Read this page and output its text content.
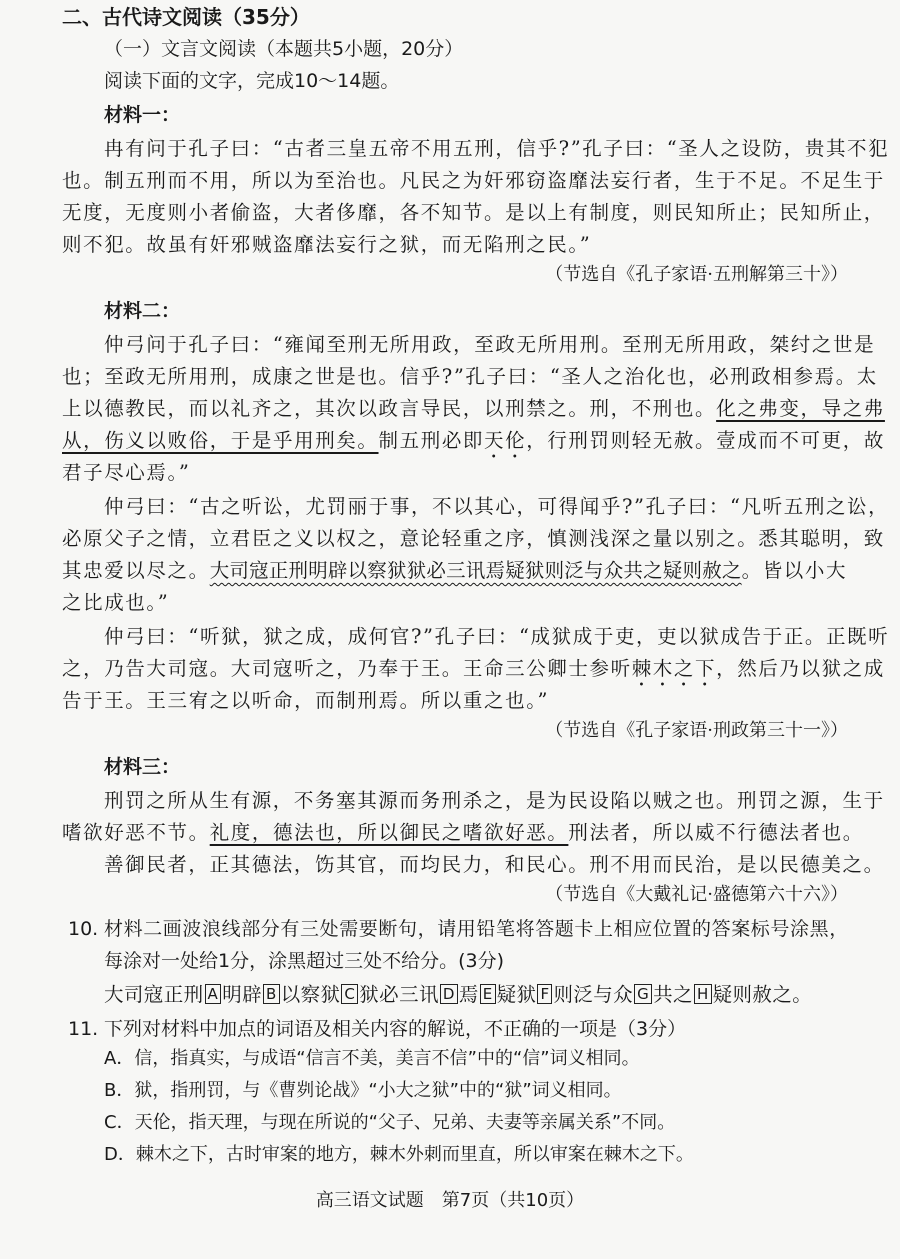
二、古代诗文阅读（35分）
（一）文言文阅读（本题共5小题，20分）
阅读下面的文字，完成10～14题。
材料一：
冉有问于孔子曰：“古者三皇五帝不用五刑，信乎?”孔子曰：“圣人之设防，贵其不犯
也。制五刑而不用，所以为至治也。凡民之为奸邪窃盗靡法妄行者，生于不足。不足生于
无度，无度则小者偷盗，大者侈靡，各不知节。是以上有制度，则民知所止；民知所止，
则不犯。故虽有奸邪贼盗靡法妄行之狱，而无陷刑之民。”
（节选自《孔子家语·五刑解第三十》）
材料二：
仲弓问于孔子曰：“雍闻至刑无所用政，至政无所用刑。至刑无所用政，桀纣之世是
也；至政无所用刑，成康之世是也。信乎?”孔子曰：“圣人之治化也，必刑政相参焉。太
上以德教民，而以礼齐之，其次以政言导民，以刑禁之。刑，不刑也。化之弗变，导之弗
从，伤义以败俗，于是乎用刑矣。制五刑必即天伦，行刑罚则轻无赦。壹成而不可更，故
君子尽心焉。”
仲弓曰：“古之听讼，尤罚丽于事，不以其心，可得闻乎?”孔子曰：“凡听五刑之讼，
必原父子之情，立君臣之义以权之，意论轻重之序，慎测浅深之量以别之。悉其聪明，致
其忠爱以尽之。大司寇正刑明辟以察狱狱必三讯焉疑狱则泛与众共之疑则赦之。皆以小大
之比成也。”
仲弓曰：“听狱，狱之成，成何官?”孔子曰：“成狱成于吏，吏以狱成告于正。正既听
之，乃告大司寇。大司寇听之，乃奉于王。王命三公卿士参听棘木之下，然后乃以狱之成
告于王。王三宥之以听命，而制刑焉。所以重之也。”
（节选自《孔子家语·刑政第三十一》）
材料三：
刑罚之所从生有源，不务塞其源而务刑杀之，是为民设陷以贼之也。刑罚之源，生于
嗜欲好恶不节。礼度，德法也，所以御民之嗜欲好恶。刑法者，所以威不行德法者也。
善御民者，正其德法，饬其官，而均民力，和民心。刑不用而民治，是以民德美之。
（节选自《大戴礼记·盛德第六十六》）
10. 材料二画波浪线部分有三处需要断句，请用铅笔将答题卡上相应位置的答案标号涂黑，
每涂对一处给1分，涂黑超过三处不给分。(3分)
大司寇正刑 A 明辟 B 以察狱 C 狱必三讯 D 焉 E 疑狱 F 则泛与众 G 共之 H 疑则赦之。
11. 下列对材料中加点的词语及相关内容的解说，不正确的一项是（3分）
A．信，指真实，与成语“信言不美，美言不信”中的“信”词义相同。
B．狱，指刑罚，与《曹刿论战》“小大之狱”中的“狱”词义相同。
C．天伦，指天理，与现在所说的“父子、兄弟、夫妻等亲属关系”不同。
D．棘木之下，古时审案的地方，棘木外刺而里直，所以审案在棘木之下。
高三语文试题　第7页（共10页）
